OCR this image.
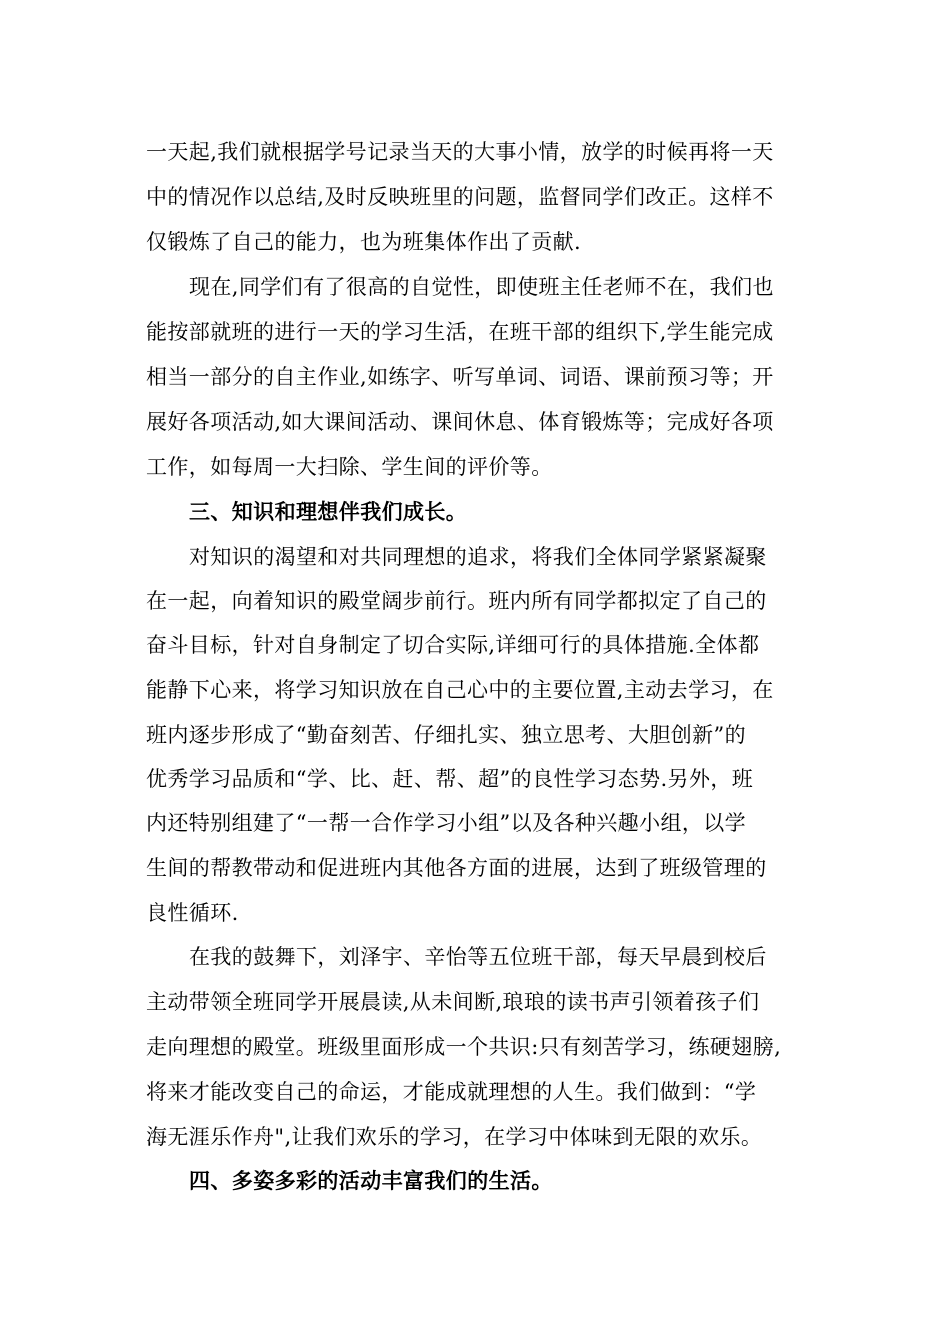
一天起,我们就根据学号记录当天的大事小情，放学的时候再将一天
中的情况作以总结,及时反映班里的问题，监督同学们改正。这样不
仅锻炼了自己的能力，也为班集体作出了贡献.
现在,同学们有了很高的自觉性，即使班主任老师不在，我们也
能按部就班的进行一天的学习生活，在班干部的组织下,学生能完成
相当一部分的自主作业,如练字、听写单词、词语、课前预习等；开
展好各项活动,如大课间活动、课间休息、体育锻炼等；完成好各项
工作，如每周一大扫除、学生间的评价等。
三、知识和理想伴我们成长。
对知识的渴望和对共同理想的追求，将我们全体同学紧紧凝聚
在一起，向着知识的殿堂阔步前行。班内所有同学都拟定了自己的
奋斗目标，针对自身制定了切合实际,详细可行的具体措施.全体都
能静下心来，将学习知识放在自己心中的主要位置,主动去学习，在
班内逐步形成了“勤奋刻苦、仔细扎实、独立思考、大胆创新”的
优秀学习品质和“学、比、赶、帮、超”的良性学习态势.另外，班
内还特别组建了“一帮一合作学习小组”以及各种兴趣小组，以学
生间的帮教带动和促进班内其他各方面的进展，达到了班级管理的
良性循环.
在我的鼓舞下，刘泽宇、辛怡等五位班干部，每天早晨到校后
主动带领全班同学开展晨读,从未间断,琅琅的读书声引领着孩子们
走向理想的殿堂。班级里面形成一个共识:只有刻苦学习，练硬翅膀,
将来才能改变自己的命运，才能成就理想的人生。我们做到：“学
海无涯乐作舟",让我们欢乐的学习，在学习中体味到无限的欢乐。
四、多姿多彩的活动丰富我们的生活。
